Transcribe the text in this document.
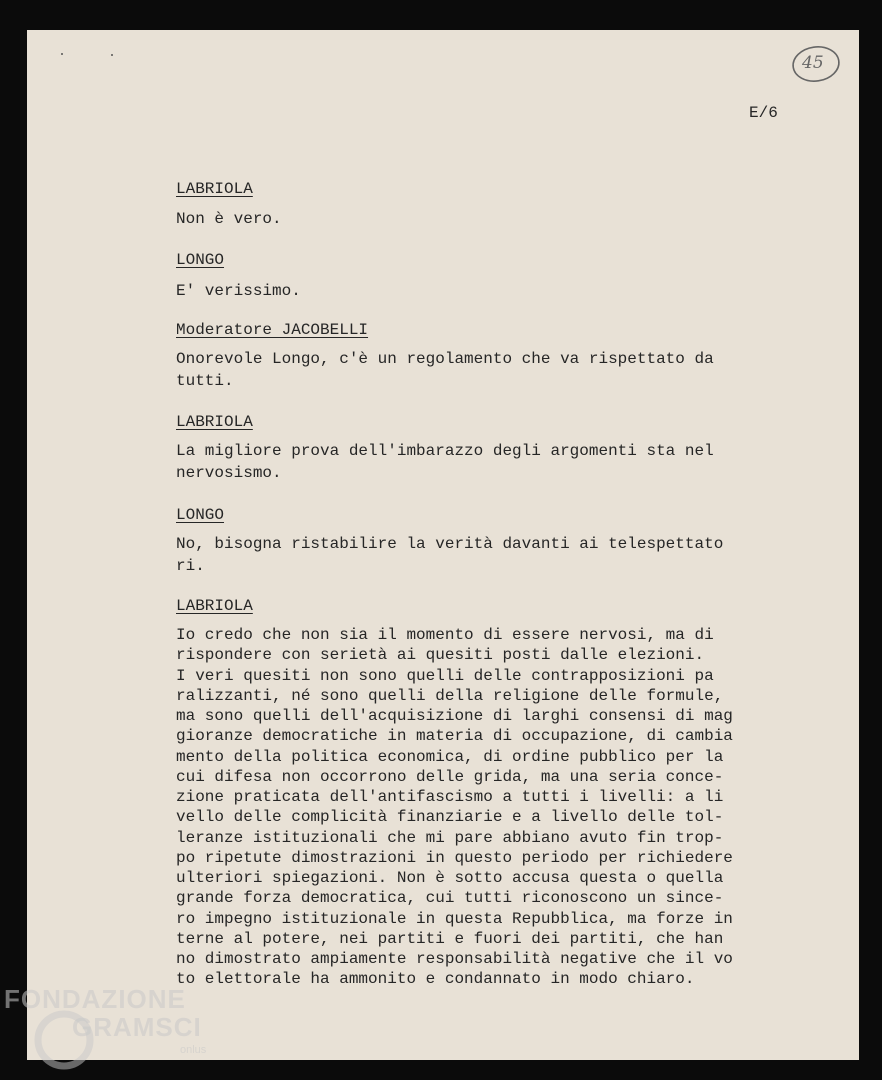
45
E/6
LABRIOLA
Non è vero.
LONGO
E' verissimo.
Moderatore JACOBELLI
Onorevole Longo, c'è un regolamento che va rispettato da
tutti.
LABRIOLA
La migliore prova dell'imbarazzo degli argomenti sta nel
nervosismo.
LONGO
No, bisogna ristabilire la verità davanti ai telespettato
ri.
LABRIOLA
Io credo che non sia il momento di essere nervosi, ma di
rispondere con serietà ai quesiti posti dalle elezioni.
I veri quesiti non sono quelli delle contrapposizioni pa
ralizzanti, né sono quelli della religione delle formule,
ma sono quelli dell'acquisizione di larghi consensi di mag
gioranze democratiche in materia di occupazione, di cambia
mento della politica economica, di ordine pubblico per la
cui difesa non occorrono delle grida, ma una seria conce-
zione praticata dell'antifascismo a tutti i livelli: a li
vello delle complicità finanziarie e a livello delle tol-
leranze istituzionali che mi pare abbiano avuto fin trop-
po ripetute dimostrazioni in questo periodo per richiedere
ulteriori spiegazioni. Non è sotto accusa questa o quella
grande forza democratica, cui tutti riconoscono un since-
ro impegno istituzionale in questa Repubblica, ma forze in
terne al potere, nei partiti e fuori dei partiti, che han
no dimostrato ampiamente responsabilità negative che il vo
to elettorale ha ammonito e condannato in modo chiaro.
FONDAZIONE
GRAMSCI
onlus
